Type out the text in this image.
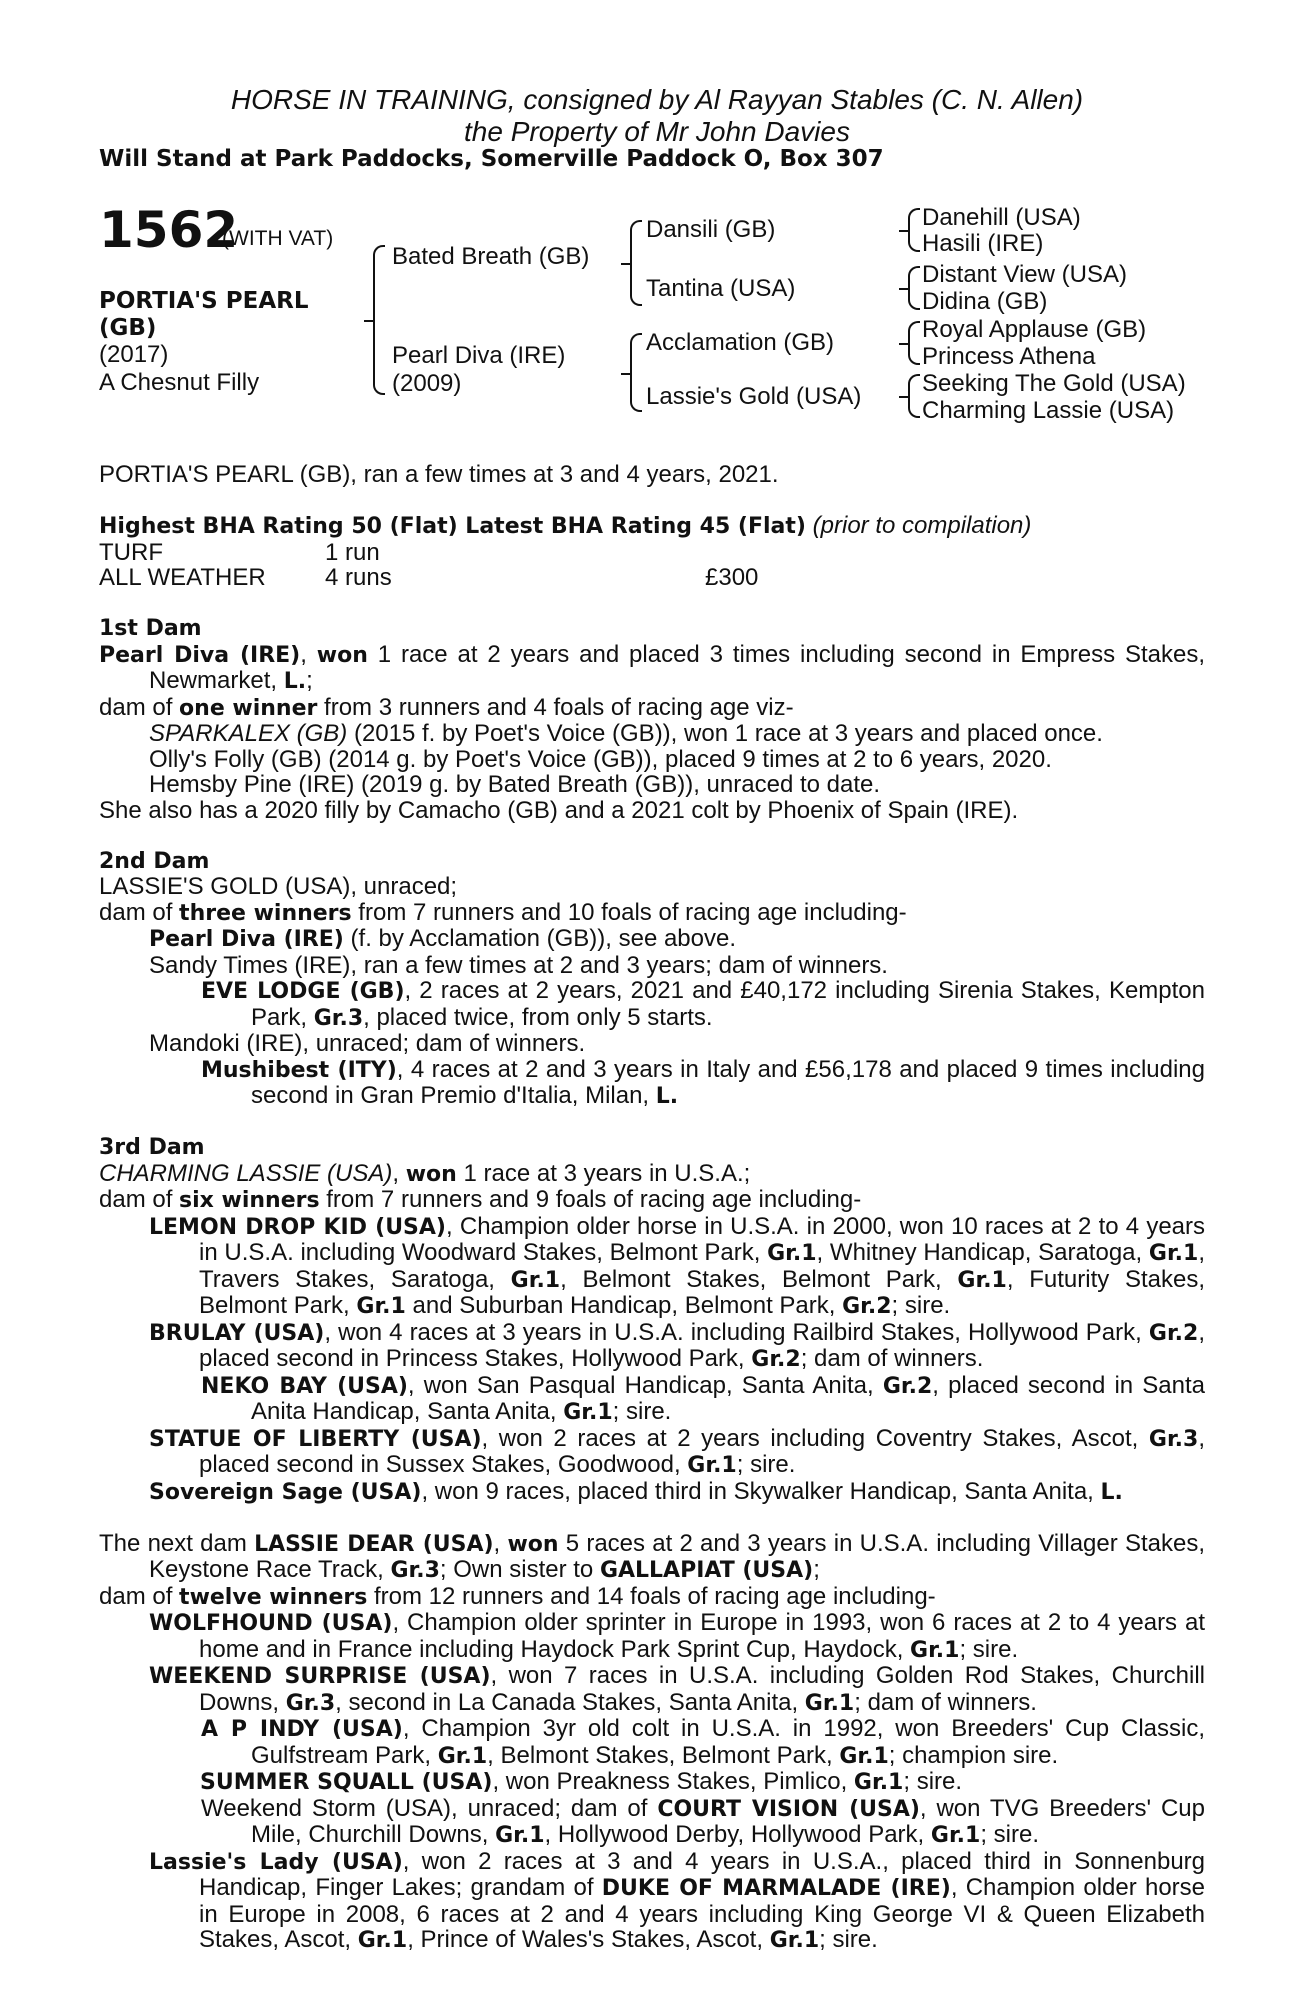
HORSE IN TRAINING, consigned by Al Rayyan Stables (C. N. Allen)
the Property of Mr John Davies
Will Stand at Park Paddocks, Somerville Paddock O, Box 307
1562
(WITH VAT)
PORTIA'S PEARL (GB)
(2017)
A Chesnut Filly
Bated Breath (GB)
Pearl Diva (IRE)
(2009)
Dansili (GB)
Tantina (USA)
Acclamation (GB)
Lassie's Gold (USA)
Danehill (USA)
Hasili (IRE)
Distant View (USA)
Didina (GB)
Royal Applause (GB)
Princess Athena
Seeking The Gold (USA)
Charming Lassie (USA)

PORTIA'S PEARL (GB), ran a few times at 3 and 4 years, 2021.

Highest BHA Rating 50 (Flat) Latest BHA Rating 45 (Flat) (prior to compilation)

TURF	1 run
ALL WEATHER	4 runs	£300

1st Dam

Pearl Diva (IRE), won 1 race at 2 years and placed 3 times including second in Empress Stakes, Newmarket, L.;

dam of one winner from 3 runners and 4 foals of racing age viz-

SPARKALEX (GB) (2015 f. by Poet's Voice (GB)), won 1 race at 3 years and placed once.

Olly's Folly (GB) (2014 g. by Poet's Voice (GB)), placed 9 times at 2 to 6 years, 2020.

Hemsby Pine (IRE) (2019 g. by Bated Breath (GB)), unraced to date.

She also has a 2020 filly by Camacho (GB) and a 2021 colt by Phoenix of Spain (IRE).

2nd Dam

LASSIE'S GOLD (USA), unraced;

dam of three winners from 7 runners and 10 foals of racing age including-

Pearl Diva (IRE) (f. by Acclamation (GB)), see above.

Sandy Times (IRE), ran a few times at 2 and 3 years; dam of winners.

EVE LODGE (GB), 2 races at 2 years, 2021 and £40,172 including Sirenia Stakes, Kempton Park, Gr.3, placed twice, from only 5 starts.

Mandoki (IRE), unraced; dam of winners.

Mushibest (ITY), 4 races at 2 and 3 years in Italy and £56,178 and placed 9 times including second in Gran Premio d'Italia, Milan, L.

3rd Dam

CHARMING LASSIE (USA), won 1 race at 3 years in U.S.A.;

dam of six winners from 7 runners and 9 foals of racing age including-

LEMON DROP KID (USA), Champion older horse in U.S.A. in 2000, won 10 races at 2 to 4 years in U.S.A. including Woodward Stakes, Belmont Park, Gr.1, Whitney Handicap, Saratoga, Gr.1, Travers Stakes, Saratoga, Gr.1, Belmont Stakes, Belmont Park, Gr.1, Futurity Stakes, Belmont Park, Gr.1 and Suburban Handicap, Belmont Park, Gr.2; sire.

BRULAY (USA), won 4 races at 3 years in U.S.A. including Railbird Stakes, Hollywood Park, Gr.2, placed second in Princess Stakes, Hollywood Park, Gr.2; dam of winners.

NEKO BAY (USA), won San Pasqual Handicap, Santa Anita, Gr.2, placed second in Santa Anita Handicap, Santa Anita, Gr.1; sire.

STATUE OF LIBERTY (USA), won 2 races at 2 years including Coventry Stakes, Ascot, Gr.3, placed second in Sussex Stakes, Goodwood, Gr.1; sire.

Sovereign Sage (USA), won 9 races, placed third in Skywalker Handicap, Santa Anita, L.

The next dam LASSIE DEAR (USA), won 5 races at 2 and 3 years in U.S.A. including Villager Stakes, Keystone Race Track, Gr.3; Own sister to GALLAPIAT (USA);

dam of twelve winners from 12 runners and 14 foals of racing age including-

WOLFHOUND (USA), Champion older sprinter in Europe in 1993, won 6 races at 2 to 4 years at home and in France including Haydock Park Sprint Cup, Haydock, Gr.1; sire.

WEEKEND SURPRISE (USA), won 7 races in U.S.A. including Golden Rod Stakes, Churchill Downs, Gr.3, second in La Canada Stakes, Santa Anita, Gr.1; dam of winners.

A P INDY (USA), Champion 3yr old colt in U.S.A. in 1992, won Breeders' Cup Classic, Gulfstream Park, Gr.1, Belmont Stakes, Belmont Park, Gr.1; champion sire.

SUMMER SQUALL (USA), won Preakness Stakes, Pimlico, Gr.1; sire.

Weekend Storm (USA), unraced; dam of COURT VISION (USA), won TVG Breeders' Cup Mile, Churchill Downs, Gr.1, Hollywood Derby, Hollywood Park, Gr.1; sire.

Lassie's Lady (USA), won 2 races at 3 and 4 years in U.S.A., placed third in Sonnenburg Handicap, Finger Lakes; grandam of DUKE OF MARMALADE (IRE), Champion older horse in Europe in 2008, 6 races at 2 and 4 years including King George VI & Queen Elizabeth Stakes, Ascot, Gr.1, Prince of Wales's Stakes, Ascot, Gr.1; sire.
